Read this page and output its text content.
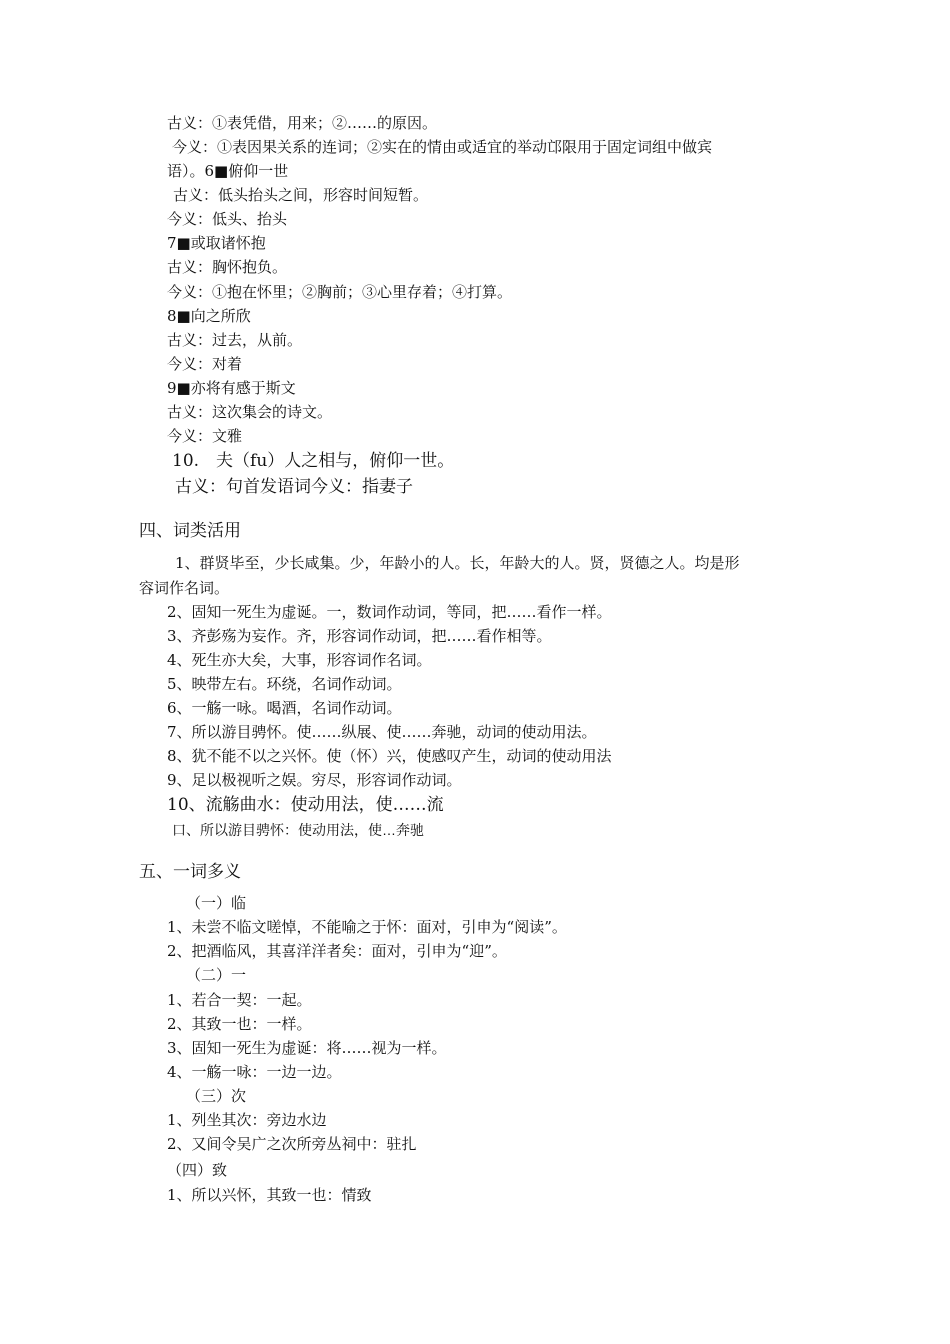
古义：①表凭借，用来；②……的原因。
今义：①表因果关系的连词；②实在的情由或适宜的举动邙限用于固定词组中做宾
语）。6■俯仰一世
古义：低头抬头之间，形容时间短暂。
今义：低头、抬头
7■或取诸怀抱
古义：胸怀抱负。
今义：①抱在怀里；②胸前；③心里存着；④打算。
8■向之所欣
古义：过去，从前。
今义：对着
9■亦将有感于斯文
古义：这次集会的诗文。
今义：文雅
10.　夫（fu）人之相与，俯仰一世。
古义：句首发语词今义：指妻子
四、词类活用
1、群贤毕至，少长咸集。少，年龄小的人。长，年龄大的人。贤，贤德之人。均是形
容词作名词。
2、固知一死生为虚诞。一，数词作动词，等同，把……看作一样。
3、齐彭殇为妄作。齐，形容词作动词，把……看作相等。
4、死生亦大矣，大事，形容词作名词。
5、映带左右。环绕，名词作动词。
6、一觞一咏。喝酒，名词作动词。
7、所以游目骋怀。使……纵展、使……奔驰，动词的使动用法。
8、犹不能不以之兴怀。使（怀）兴，使感叹产生，动词的使动用法
9、足以极视听之娱。穷尽，形容词作动词。
10、流觞曲水：使动用法，使……流
口、所以游目骋怀：使动用法，使…奔驰
五、一词多义
（一）临
1、未尝不临文嗟悼，不能喻之于怀：面对，引申为“阅读”。
2、把酒临风，其喜洋洋者矣：面对，引申为“迎”。
（二）一
1、若合一契：一起。
2、其致一也：一样。
3、固知一死生为虚诞：将……视为一样。
4、一觞一咏：一边一边。
（三）次
1、列坐其次：旁边水边
2、又间令吴广之次所旁丛祠中：驻扎
（四）致
1、所以兴怀，其致一也：情致
